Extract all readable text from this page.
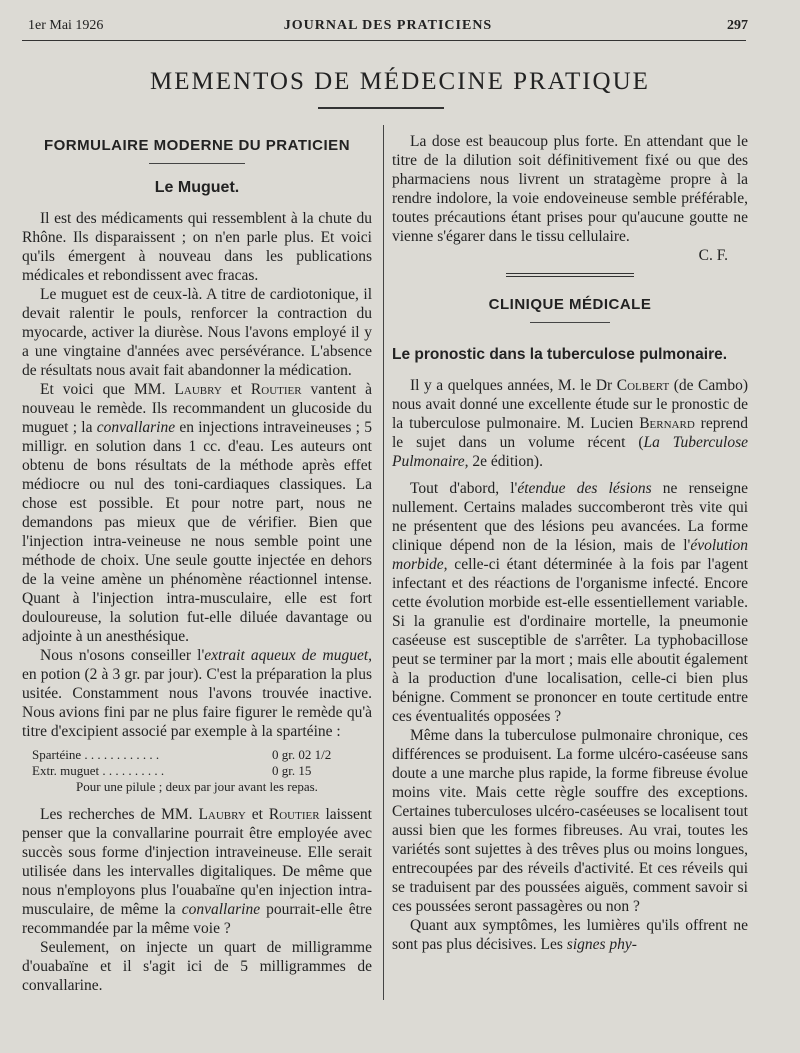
1er Mai 1926	JOURNAL DES PRATICIENS	297
MEMENTOS DE MÉDECINE PRATIQUE
FORMULAIRE MODERNE DU PRATICIEN
Le Muguet.

Il est des médicaments qui ressemblent à la chute du Rhône. Ils disparaissent ; on n'en parle plus. Et voici qu'ils émergent à nouveau dans les publications médicales et rebondissent avec fracas.

Le muguet est de ceux-là. A titre de cardiotonique, il devait ralentir le pouls, renforcer la contraction du myocarde, activer la diurèse. Nous l'avons employé il y a une vingtaine d'années avec persévérance. L'absence de résultats nous avait fait abandonner la médication.

Et voici que MM. Laubry et Routier vantent à nouveau le remède. Ils recommandent un glucoside du muguet ; la convallarine en injections intraveineuses ; 5 milligr. en solution dans 1 cc. d'eau. Les auteurs ont obtenu de bons résultats de la méthode après effet médiocre ou nul des toni-cardiaques classiques. La chose est possible. Et pour notre part, nous ne demandons pas mieux que de vérifier. Bien que l'injection intra-veineuse ne nous semble point une méthode de choix. Une seule goutte injectée en dehors de la veine amène un phénomène réactionnel intense. Quant à l'injection intra-musculaire, elle est fort douloureuse, la solution fut-elle diluée davantage ou adjointe à un anesthésique.

Nous n'osons conseiller l'extrait aqueux de muguet, en potion (2 à 3 gr. par jour). C'est la préparation la plus usitée. Constamment nous l'avons trouvée inactive. Nous avions fini par ne plus faire figurer le remède qu'à titre d'excipient associé par exemple à la spartéine :

Spartéine . . . . . . . . . . . .	0 gr. 02 1/2
Extr. muguet . . . . . . . . . .	0 gr. 15
Pour une pilule ; deux par jour avant les repas.

Les recherches de MM. Laubry et Routier laissent penser que la convallarine pourrait être employée avec succès sous forme d'injection intraveineuse. Elle serait utilisée dans les intervalles digitaliques. De même que nous n'employons plus l'ouabaïne qu'en injection intra-musculaire, de même la convallarine pourrait-elle être recommandée par la même voie ?

Seulement, on injecte un quart de milligramme d'ouabaïne et il s'agit ici de 5 milligrammes de convallarine.

La dose est beaucoup plus forte. En attendant que le titre de la dilution soit définitivement fixé ou que des pharmaciens nous livrent un stratagème propre à la rendre indolore, la voie endoveineuse semble préférable, toutes précautions étant prises pour qu'aucune goutte ne vienne s'égarer dans le tissu cellulaire.

C. F.
CLINIQUE MÉDICALE
Le pronostic dans la tuberculose pulmonaire.

Il y a quelques années, M. le Dr Colbert (de Cambo) nous avait donné une excellente étude sur le pronostic de la tuberculose pulmonaire. M. Lucien Bernard reprend le sujet dans un volume récent (La Tuberculose Pulmonaire, 2e édition).

Tout d'abord, l'étendue des lésions ne renseigne nullement. Certains malades succomberont très vite qui ne présentent que des lésions peu avancées. La forme clinique dépend non de la lésion, mais de l'évolution morbide, celle-ci étant déterminée à la fois par l'agent infectant et des réactions de l'organisme infecté. Encore cette évolution morbide est-elle essentiellement variable. Si la granulie est d'ordinaire mortelle, la pneumonie caséeuse est susceptible de s'arrêter. La typhobacillose peut se terminer par la mort ; mais elle aboutit également à la production d'une localisation, celle-ci bien plus bénigne. Comment se prononcer en toute certitude entre ces éventualités opposées ?

Même dans la tuberculose pulmonaire chronique, ces différences se produisent. La forme ulcéro-caséeuse sans doute a une marche plus rapide, la forme fibreuse évolue moins vite. Mais cette règle souffre des exceptions. Certaines tuberculoses ulcéro-caséeuses se localisent tout aussi bien que les formes fibreuses. Au vrai, toutes les variétés sont sujettes à des trêves plus ou moins longues, entrecoupées par des réveils d'activité. Et ces réveils qui se traduisent par des poussées aiguës, comment savoir si ces poussées seront passagères ou non ?

Quant aux symptômes, les lumières qu'ils offrent ne sont pas plus décisives. Les signes phy-
